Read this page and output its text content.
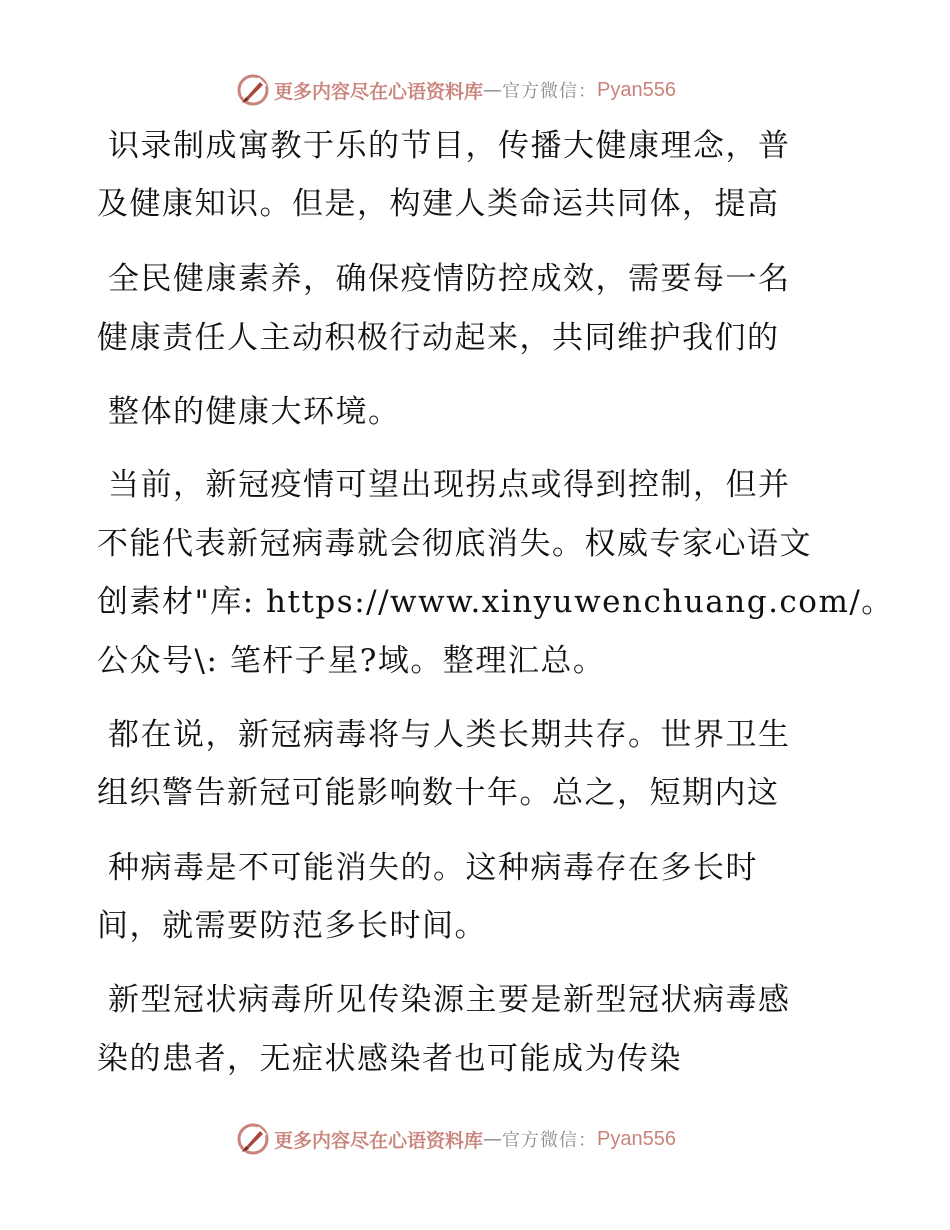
更多内容尽在心语资料库 — 官方微信： Pyan556
识录制成寓教于乐的节目，传播大健康理念，普
及健康知识。但是，构建人类命运共同体，提高
全民健康素养，确保疫情防控成效，需要每一名
健康责任人主动积极行动起来，共同维护我们的
整体的健康大环境。
当前，新冠疫情可望出现拐点或得到控制，但并
不能代表新冠病毒就会彻底消失。权威专家心语文
创素材"库: https://www.xinyuwenchuang.com/。
公众号\: 笔杆子星?域。整理汇总。
都在说，新冠病毒将与人类长期共存。世界卫生
组织警告新冠可能影响数十年。总之，短期内这
种病毒是不可能消失的。这种病毒存在多长时
间，就需要防范多长时间。
新型冠状病毒所见传染源主要是新型冠状病毒感
染的患者，无症状感染者也可能成为传染
更多内容尽在心语资料库 — 官方微信： Pyan556
